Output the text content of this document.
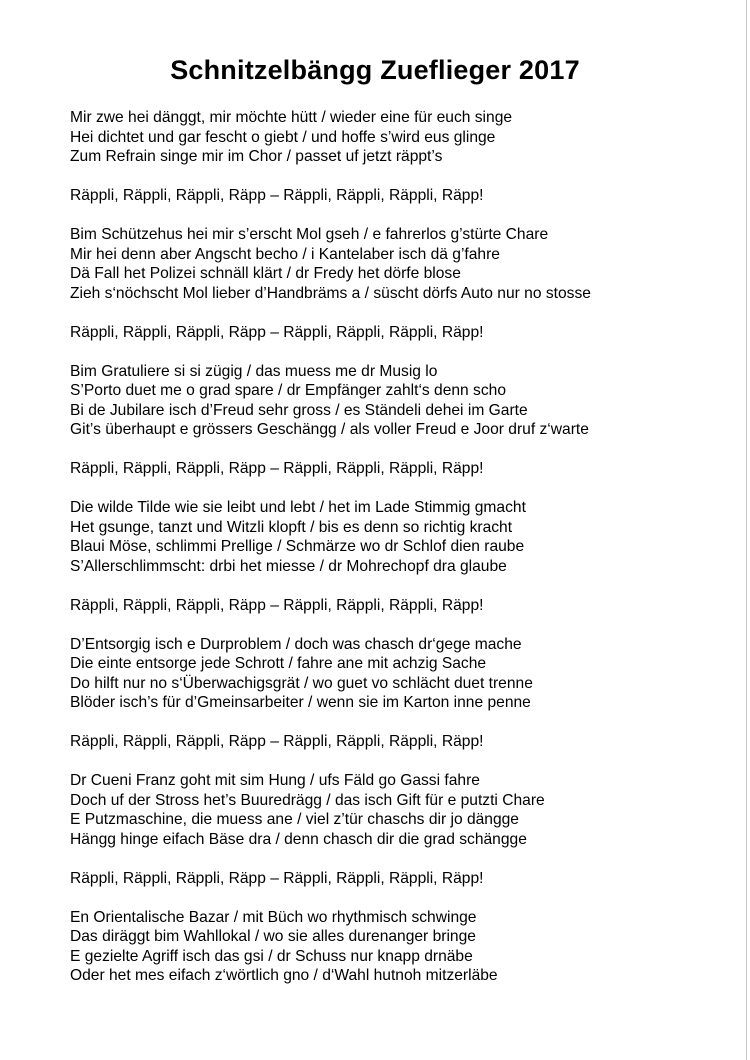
Schnitzelbängg Zueflieger 2017
Mir zwe hei dänggt, mir möchte hütt / wieder eine für euch singe
Hei dichtet und gar fescht o giebt / und hoffe s’wird eus glinge
Zum Refrain singe mir im Chor / passet uf jetzt räppt’s
Räppli, Räppli, Räppli, Räpp – Räppli, Räppli, Räppli, Räpp!
Bim Schützehus hei mir s’erscht Mol gseh / e fahrerlos g’stürte Chare
Mir hei denn aber Angscht becho / i Kantelaber isch dä g’fahre
Dä Fall het Polizei schnäll klärt / dr Fredy het dörfe blose
Zieh s‘nöchscht Mol lieber d’Handbräms a / süscht dörfs Auto nur no stosse
Räppli, Räppli, Räppli, Räpp – Räppli, Räppli, Räppli, Räpp!
Bim Gratuliere si si zügig / das muess me dr Musig lo
S’Porto duet me o grad spare / dr Empfänger zahlt‘s denn scho
Bi de Jubilare isch d’Freud sehr gross / es Ständeli dehei im Garte
Git’s überhaupt e grössers Geschängg / als voller Freud e Joor druf z‘warte
Räppli, Räppli, Räppli, Räpp – Räppli, Räppli, Räppli, Räpp!
Die wilde Tilde wie sie leibt und lebt / het im Lade Stimmig gmacht
Het gsunge, tanzt und Witzli klopft / bis es denn so richtig kracht
Blaui Möse, schlimmi Prellige / Schmärze wo dr Schlof dien raube
S’Allerschlimmscht: drbi het miesse / dr Mohrechopf dra glaube
Räppli, Räppli, Räppli, Räpp – Räppli, Räppli, Räppli, Räpp!
D’Entsorgig isch e Durproblem / doch was chasch dr‘gege mache
Die einte entsorge jede Schrott / fahre ane mit achzig Sache
Do hilft nur no s‘Überwachigsgrät / wo guet vo schlächt duet trenne
Blöder isch’s für d’Gmeinsarbeiter / wenn sie im Karton inne penne
Räppli, Räppli, Räppli, Räpp – Räppli, Räppli, Räppli, Räpp!
Dr Cueni Franz goht mit sim Hung / ufs Fäld go Gassi fahre
Doch uf der Stross het’s Buuredrägg / das isch Gift für e putzti Chare
E Putzmaschine, die muess ane / viel z’tür chaschs dir jo dängge
Hängg hinge eifach Bäse dra / denn chasch dir die grad schängge
Räppli, Räppli, Räppli, Räpp – Räppli, Räppli, Räppli, Räpp!
En Orientalische Bazar / mit Büch wo rhythmisch schwinge
Das diräggt bim Wahllokal / wo sie alles durenanger bringe
E gezielte Agriff isch das gsi / dr Schuss nur knapp drnäbe
Oder het mes eifach z‘wörtlich gno / d‘Wahl hutnoh mitzerläbe
